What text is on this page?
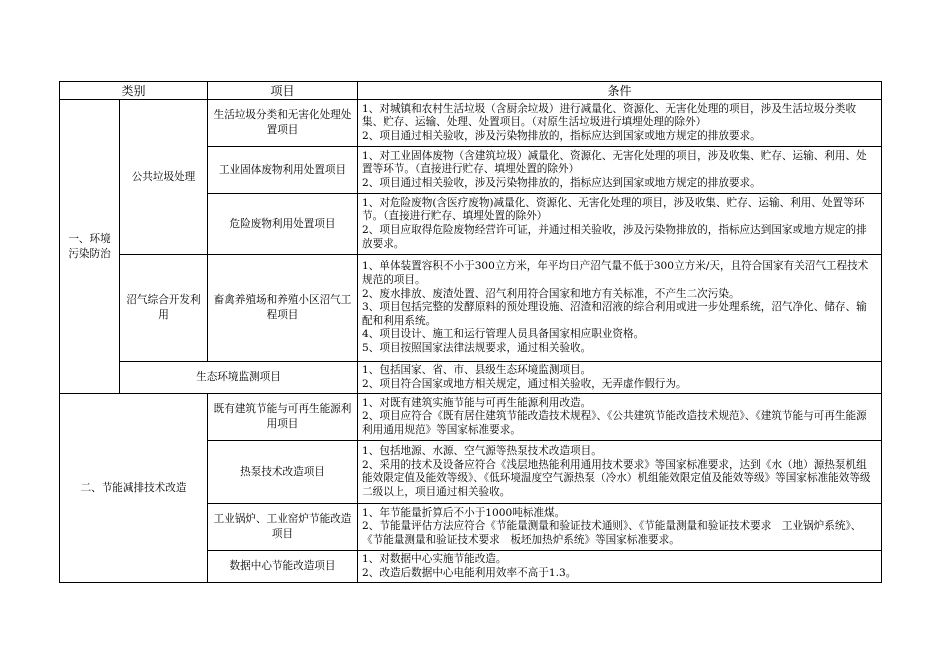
类别		项目	条件
一、环境污染防治	公共垃圾处理	生活垃圾分类和无害化处理处置项目	1、对城镇和农村生活垃圾（含厨余垃圾）进行减量化、资源化、无害化处理的项目，涉及生活垃圾分类收集、贮存、运输、处理、处置项目。（对原生活垃圾进行填埋处理的除外）
2、项目通过相关验收，涉及污染物排放的，指标应达到国家或地方规定的排放要求。

		工业固体废物利用处置项目	1、对工业固体废物（含建筑垃圾）减量化、资源化、无害化处理的项目，涉及收集、贮存、运输、利用、处置等环节。（直接进行贮存、填埋处置的除外）
2、项目通过相关验收，涉及污染物排放的，指标应达到国家或地方规定的排放要求。

		危险废物利用处置项目	1、对危险废物(含医疗废物)减量化、资源化、无害化处理的项目，涉及收集、贮存、运输、利用、处置等环节。（直接进行贮存、填埋处置的除外）
2、项目应取得危险废物经营许可证，并通过相关验收，涉及污染物排放的，指标应达到国家或地方规定的排放要求。

	沼气综合开发利用	畜禽养殖场和养殖小区沼气工程项目	1、单体装置容积不小于300立方米，年平均日产沼气量不低于300立方米/天，且符合国家有关沼气工程技术规范的项目。
2、废水排放、废渣处置、沼气利用符合国家和地方有关标准，不产生二次污染。
3、项目包括完整的发酵原料的预处理设施、沼渣和沼液的综合利用或进一步处理系统，沼气净化、储存、输配和利用系统。
4、项目设计、施工和运行管理人员具备国家相应职业资格。
5、项目按照国家法律法规要求，通过相关验收。

	生态环境监测项目		1、包括国家、省、市、县级生态环境监测项目。
2、项目符合国家或地方相关规定，通过相关验收，无弄虚作假行为。

二、节能减排技术改造		既有建筑节能与可再生能源利用项目	1、对既有建筑实施节能与可再生能源利用改造。
2、项目应符合《既有居住建筑节能改造技术规程》、《公共建筑节能改造技术规范》、《建筑节能与可再生能源利用通用规范》等国家标准要求。

		热泵技术改造项目	1、包括地源、水源、空气源等热泵技术改造项目。
2、采用的技术及设备应符合《浅层地热能利用通用技术要求》等国家标准要求，达到《水（地）源热泵机组能效限定值及能效等级》、《低环境温度空气源热泵（冷水）机组能效限定值及能效等级》等国家标准能效等级二级以上，项目通过相关验收。

		工业锅炉、工业窑炉节能改造项目	1、年节能量折算后不小于1000吨标准煤。
2、节能量评估方法应符合《节能量测量和验证技术通则》、《节能量测量和验证技术要求　工业锅炉系统》、《节能量测量和验证技术要求　板坯加热炉系统》等国家标准要求。

		数据中心节能改造项目	1、对数据中心实施节能改造。
2、改造后数据中心电能利用效率不高于1.3。
